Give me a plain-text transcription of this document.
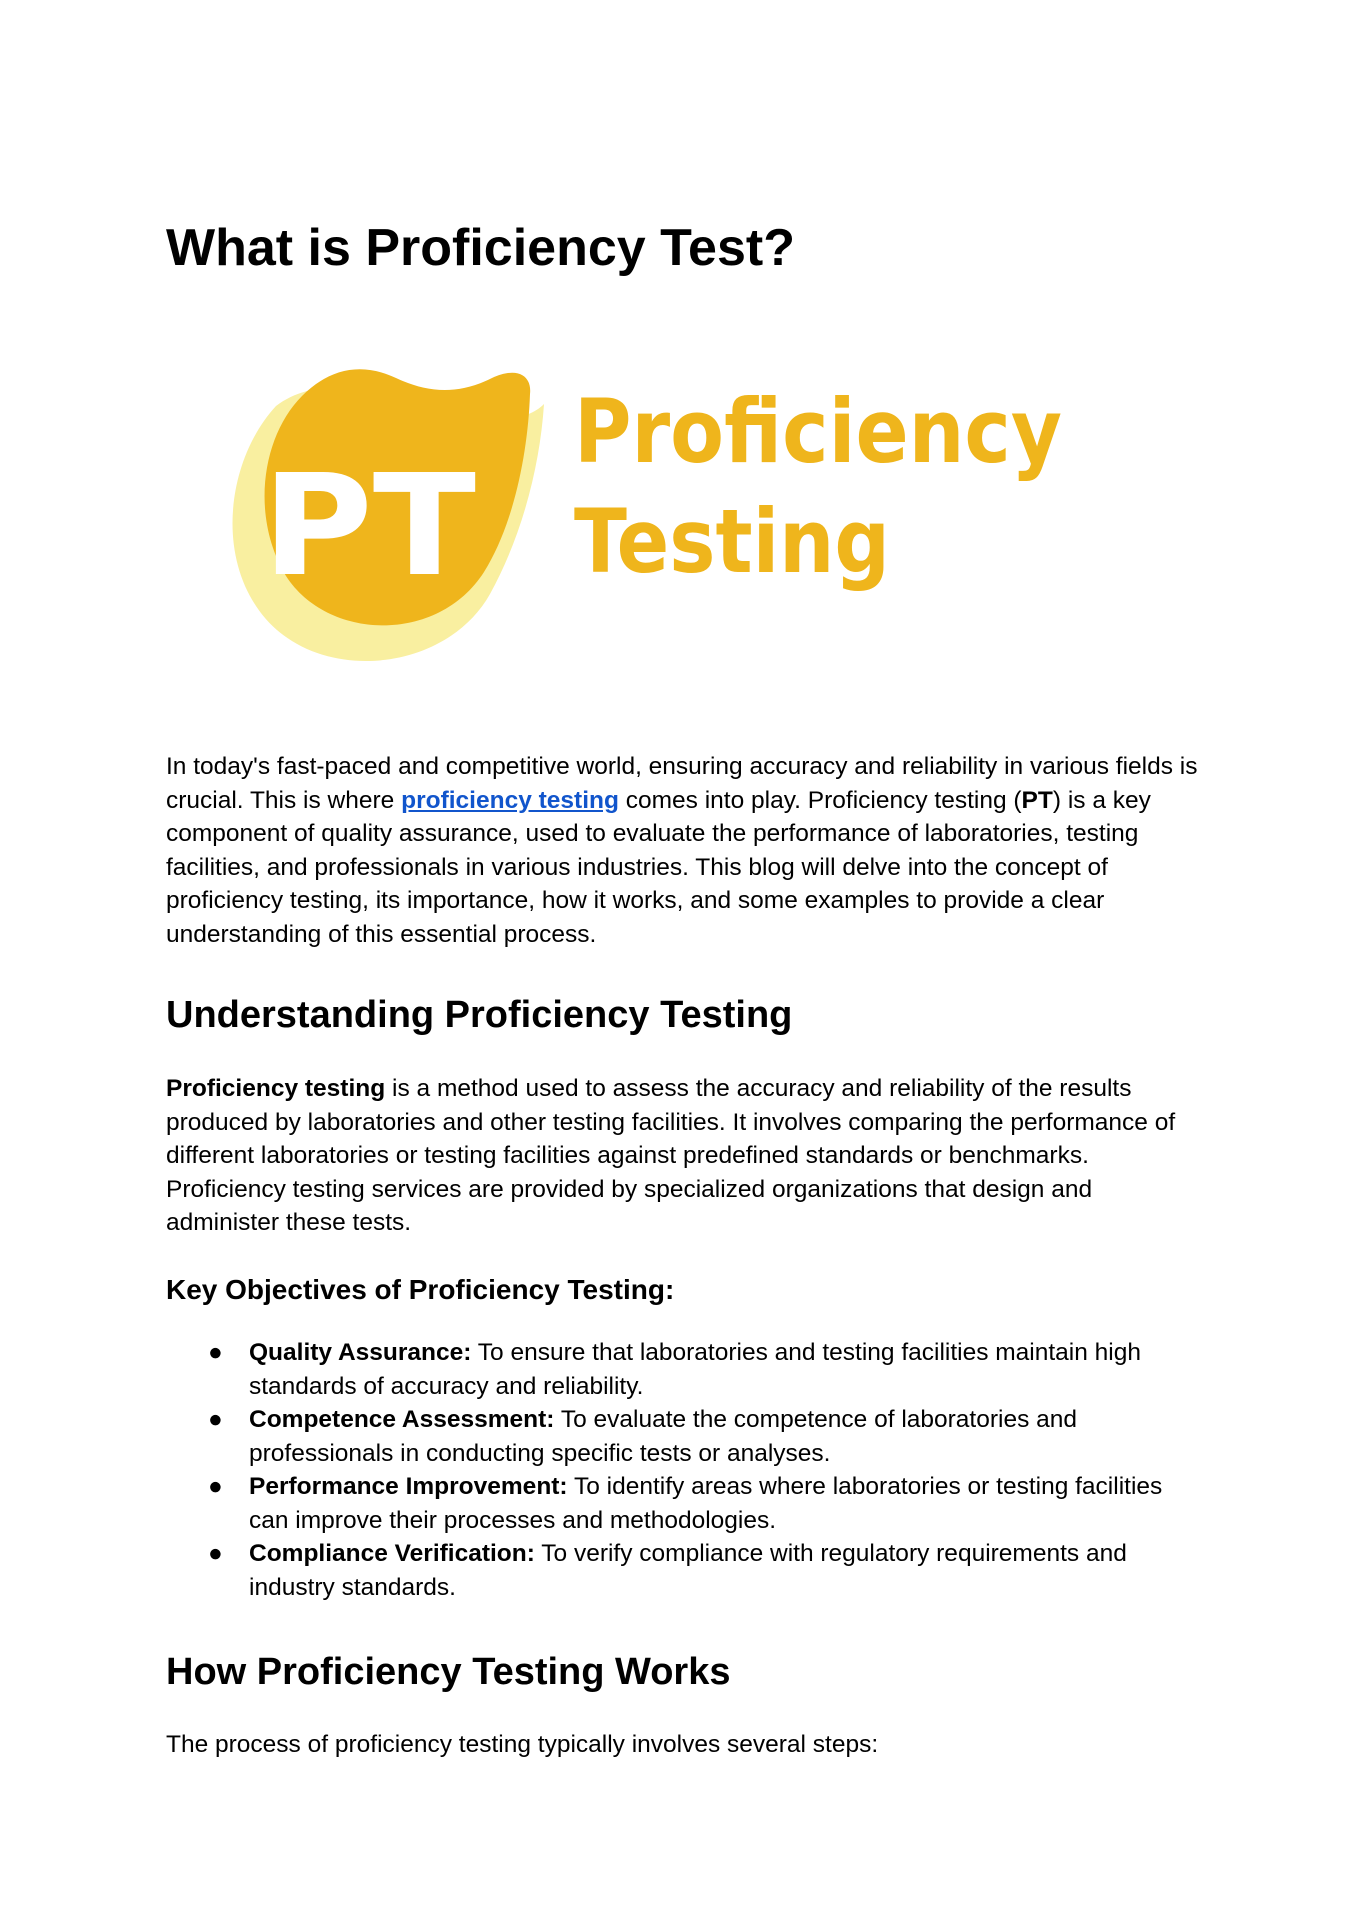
What is Proficiency Test?
PT
Proficiency
Testing

In today's fast-paced and competitive world, ensuring accuracy and reliability in various fields is crucial. This is where proficiency testing comes into play. Proficiency testing (PT) is a key component of quality assurance, used to evaluate the performance of laboratories, testing facilities, and professionals in various industries. This blog will delve into the concept of proficiency testing, its importance, how it works, and some examples to provide a clear understanding of this essential process.

Understanding Proficiency Testing

Proficiency testing is a method used to assess the accuracy and reliability of the results produced by laboratories and other testing facilities. It involves comparing the performance of different laboratories or testing facilities against predefined standards or benchmarks. Proficiency testing services are provided by specialized organizations that design and administer these tests.

Key Objectives of Proficiency Testing:
● Quality Assurance: To ensure that laboratories and testing facilities maintain high standards of accuracy and reliability.
● Competence Assessment: To evaluate the competence of laboratories and professionals in conducting specific tests or analyses.
● Performance Improvement: To identify areas where laboratories or testing facilities can improve their processes and methodologies.
● Compliance Verification: To verify compliance with regulatory requirements and industry standards.
How Proficiency Testing Works

The process of proficiency testing typically involves several steps:
